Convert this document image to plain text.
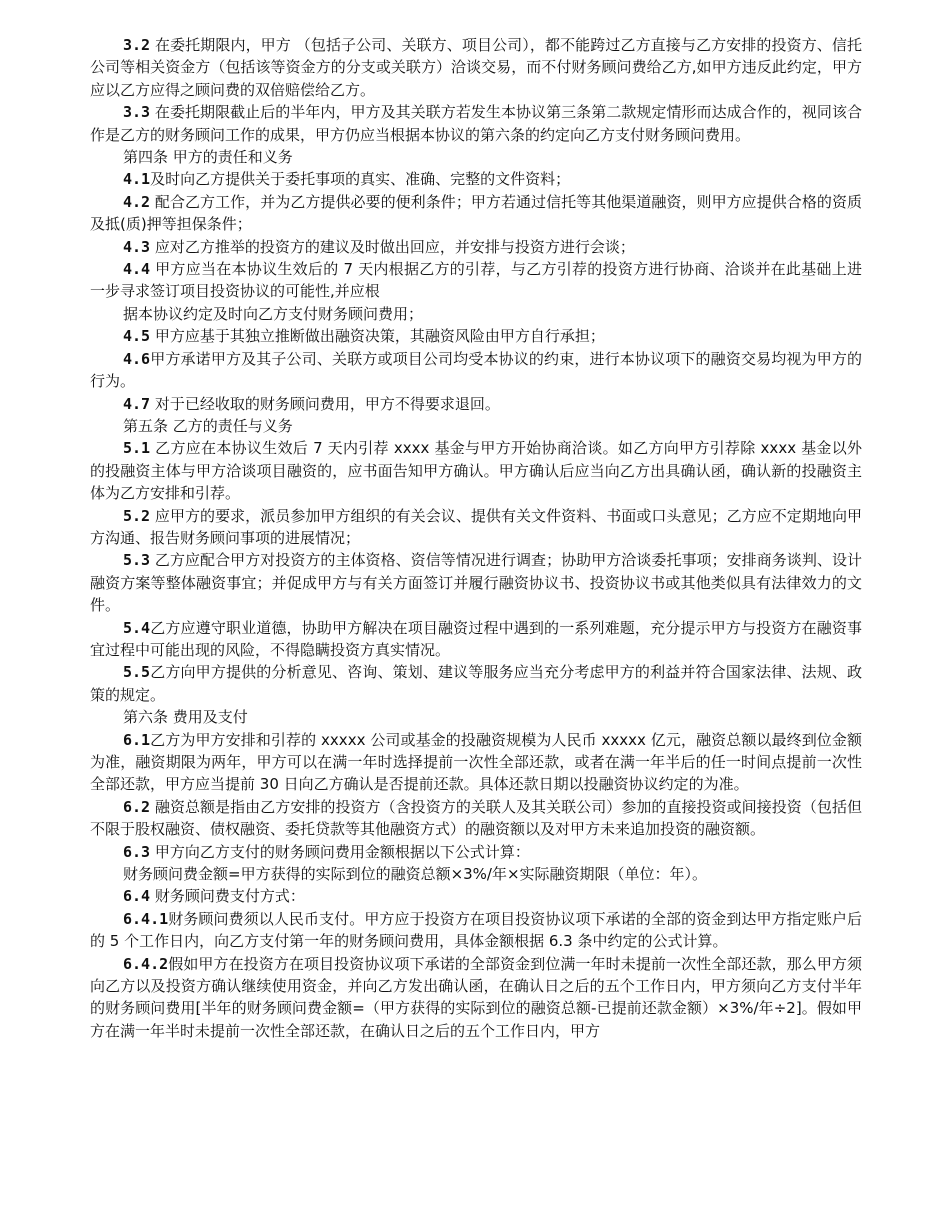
3.2 在委托期限内，甲方 （包括子公司、关联方、项目公司），都不能跨过乙方直接与乙方安排的投资方、信托公司等相关资金方（包括该等资金方的分支或关联方）洽谈交易，而不付财务顾问费给乙方,如甲方违反此约定，甲方应以乙方应得之顾问费的双倍赔偿给乙方。

3.3 在委托期限截止后的半年内，甲方及其关联方若发生本协议第三条第二款规定情形而达成合作的，视同该合作是乙方的财务顾问工作的成果，甲方仍应当根据本协议的第六条的约定向乙方支付财务顾问费用。

第四条 甲方的责任和义务

4.1及时向乙方提供关于委托事项的真实、准确、完整的文件资料；

4.2 配合乙方工作，并为乙方提供必要的便利条件；甲方若通过信托等其他渠道融资，则甲方应提供合格的资质及抵(质)押等担保条件；

4.3 应对乙方推举的投资方的建议及时做出回应，并安排与投资方进行会谈；

4.4 甲方应当在本协议生效后的 7 天内根据乙方的引荐，与乙方引荐的投资方进行协商、洽谈并在此基础上进一步寻求签订项目投资协议的可能性,并应根

据本协议约定及时向乙方支付财务顾问费用；

4.5 甲方应基于其独立推断做出融资决策，其融资风险由甲方自行承担；

4.6甲方承诺甲方及其子公司、关联方或项目公司均受本协议的约束，进行本协议项下的融资交易均视为甲方的行为。

4.7 对于已经收取的财务顾问费用，甲方不得要求退回。

第五条 乙方的责任与义务

5.1 乙方应在本协议生效后 7 天内引荐 xxxx 基金与甲方开始协商洽谈。如乙方向甲方引荐除 xxxx 基金以外的投融资主体与甲方洽谈项目融资的，应书面告知甲方确认。甲方确认后应当向乙方出具确认函，确认新的投融资主体为乙方安排和引荐。

5.2 应甲方的要求，派员参加甲方组织的有关会议、提供有关文件资料、书面或口头意见；乙方应不定期地向甲方沟通、报告财务顾问事项的进展情况；

5.3 乙方应配合甲方对投资方的主体资格、资信等情况进行调查；协助甲方洽谈委托事项；安排商务谈判、设计融资方案等整体融资事宜；并促成甲方与有关方面签订并履行融资协议书、投资协议书或其他类似具有法律效力的文件。

5.4乙方应遵守职业道德，协助甲方解决在项目融资过程中遇到的一系列难题，充分提示甲方与投资方在融资事宜过程中可能出现的风险，不得隐瞒投资方真实情况。

5.5乙方向甲方提供的分析意见、咨询、策划、建议等服务应当充分考虑甲方的利益并符合国家法律、法规、政策的规定。

第六条 费用及支付

6.1乙方为甲方安排和引荐的 xxxxx 公司或基金的投融资规模为人民币 xxxxx 亿元，融资总额以最终到位金额为准，融资期限为两年，甲方可以在满一年时选择提前一次性全部还款，或者在满一年半后的任一时间点提前一次性全部还款，甲方应当提前 30 日向乙方确认是否提前还款。具体还款日期以投融资协议约定的为准。

6.2 融资总额是指由乙方安排的投资方（含投资方的关联人及其关联公司）参加的直接投资或间接投资（包括但不限于股权融资、债权融资、委托贷款等其他融资方式）的融资额以及对甲方未来追加投资的融资额。

6.3 甲方向乙方支付的财务顾问费用金额根据以下公式计算：

财务顾问费金额=甲方获得的实际到位的融资总额×3%/年×实际融资期限（单位：年）。

6.4 财务顾问费支付方式：

6.4.1财务顾问费须以人民币支付。甲方应于投资方在项目投资协议项下承诺的全部的资金到达甲方指定账户后的 5 个工作日内，向乙方支付第一年的财务顾问费用，具体金额根据 6.3 条中约定的公式计算。

6.4.2假如甲方在投资方在项目投资协议项下承诺的全部资金到位满一年时未提前一次性全部还款，那么甲方须向乙方以及投资方确认继续使用资金，并向乙方发出确认函，在确认日之后的五个工作日内，甲方须向乙方支付半年的财务顾问费用[半年的财务顾问费金额=（甲方获得的实际到位的融资总额-已提前还款金额）×3%/年÷2]。假如甲方在满一年半时未提前一次性全部还款，在确认日之后的五个工作日内，甲方
